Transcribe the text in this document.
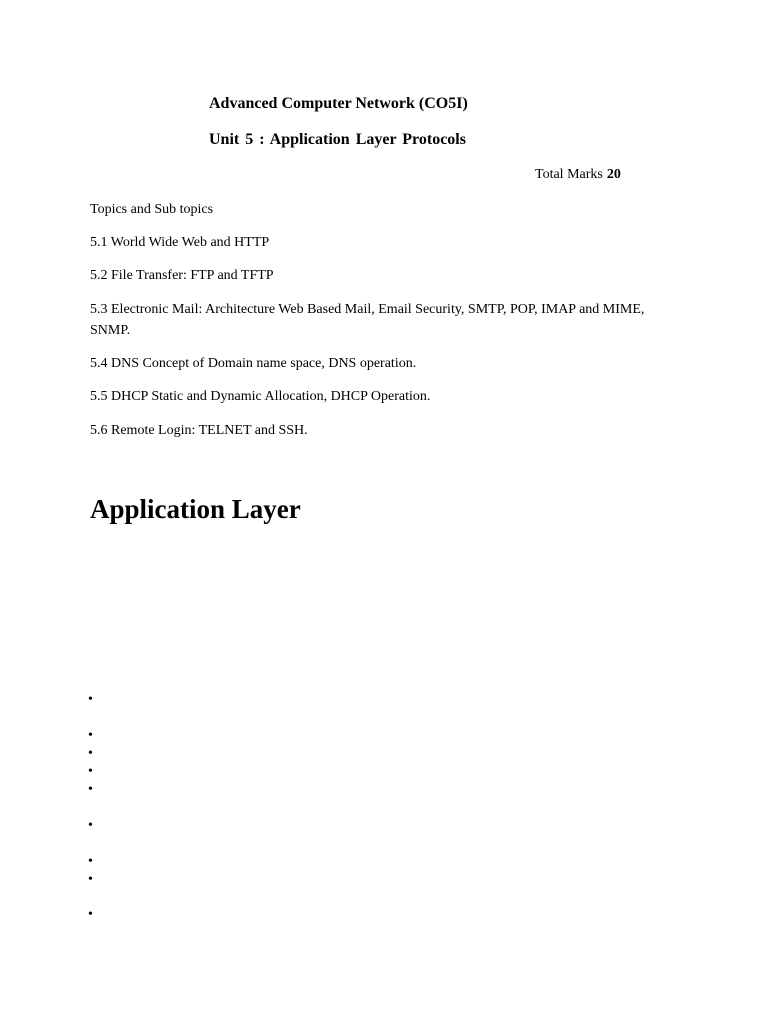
Advanced Computer Network (CO5I)
Unit 5 : Application Layer Protocols
Total Marks 20
Topics and Sub topics
5.1 World Wide Web and HTTP
5.2 File Transfer: FTP and TFTP
5.3 Electronic Mail: Architecture Web Based Mail, Email Security, SMTP, POP, IMAP and MIME, SNMP.
5.4 DNS Concept of Domain name space, DNS operation.
5.5 DHCP Static and Dynamic Allocation, DHCP Operation.
5.6 Remote Login: TELNET and SSH.
Application Layer
•
•
•
•
•
•
•
•
•
